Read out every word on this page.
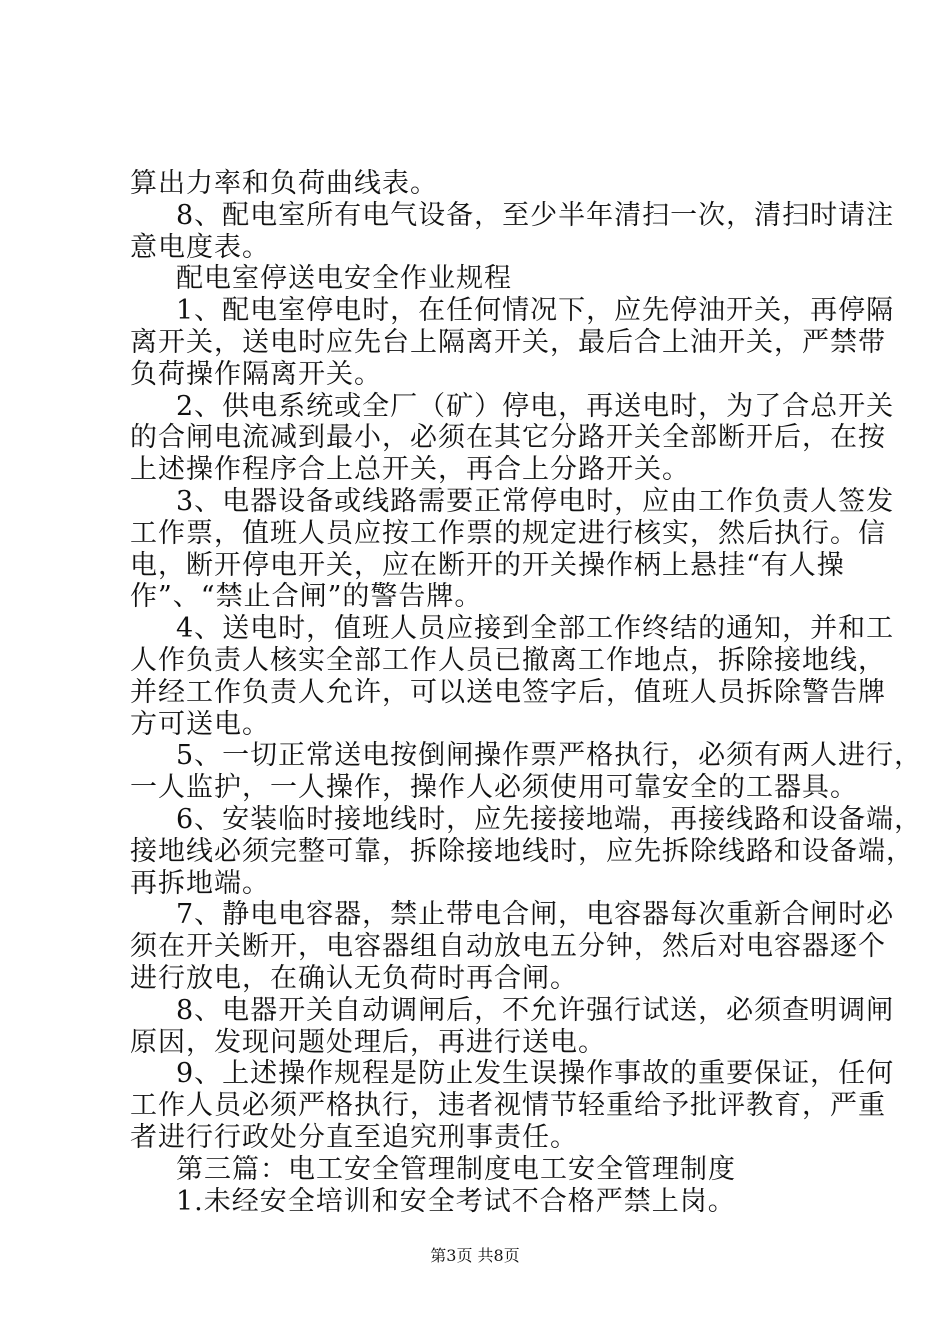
算出力率和负荷曲线表。
8、配电室所有电气设备，至少半年清扫一次，清扫时请注
意电度表。
配电室停送电安全作业规程
1、配电室停电时，在任何情况下，应先停油开关，再停隔
离开关，送电时应先台上隔离开关，最后合上油开关，严禁带
负荷操作隔离开关。
2、供电系统或全厂（矿）停电，再送电时，为了合总开关
的合闸电流减到最小，必须在其它分路开关全部断开后，在按
上述操作程序合上总开关，再合上分路开关。
3、电器设备或线路需要正常停电时，应由工作负责人签发
工作票，值班人员应按工作票的规定进行核实，然后执行。信
电，断开停电开关，应在断开的开关操作柄上悬挂“有人操
作”、“禁止合闸”的警告牌。
4、送电时，值班人员应接到全部工作终结的通知，并和工
人作负责人核实全部工作人员已撤离工作地点，拆除接地线，
并经工作负责人允许，可以送电签字后，值班人员拆除警告牌
方可送电。
5、一切正常送电按倒闸操作票严格执行，必须有两人进行，
一人监护，一人操作，操作人必须使用可靠安全的工器具。
6、安装临时接地线时，应先接接地端，再接线路和设备端，
接地线必须完整可靠，拆除接地线时，应先拆除线路和设备端，
再拆地端。
7、静电电容器，禁止带电合闸，电容器每次重新合闸时必
须在开关断开，电容器组自动放电五分钟，然后对电容器逐个
进行放电，在确认无负荷时再合闸。
8、电器开关自动调闸后，不允许强行试送，必须查明调闸
原因，发现问题处理后，再进行送电。
9、上述操作规程是防止发生误操作事故的重要保证，任何
工作人员必须严格执行，违者视情节轻重给予批评教育，严重
者进行行政处分直至追究刑事责任。
第三篇：电工安全管理制度电工安全管理制度
1.未经安全培训和安全考试不合格严禁上岗。
第3页 共8页
